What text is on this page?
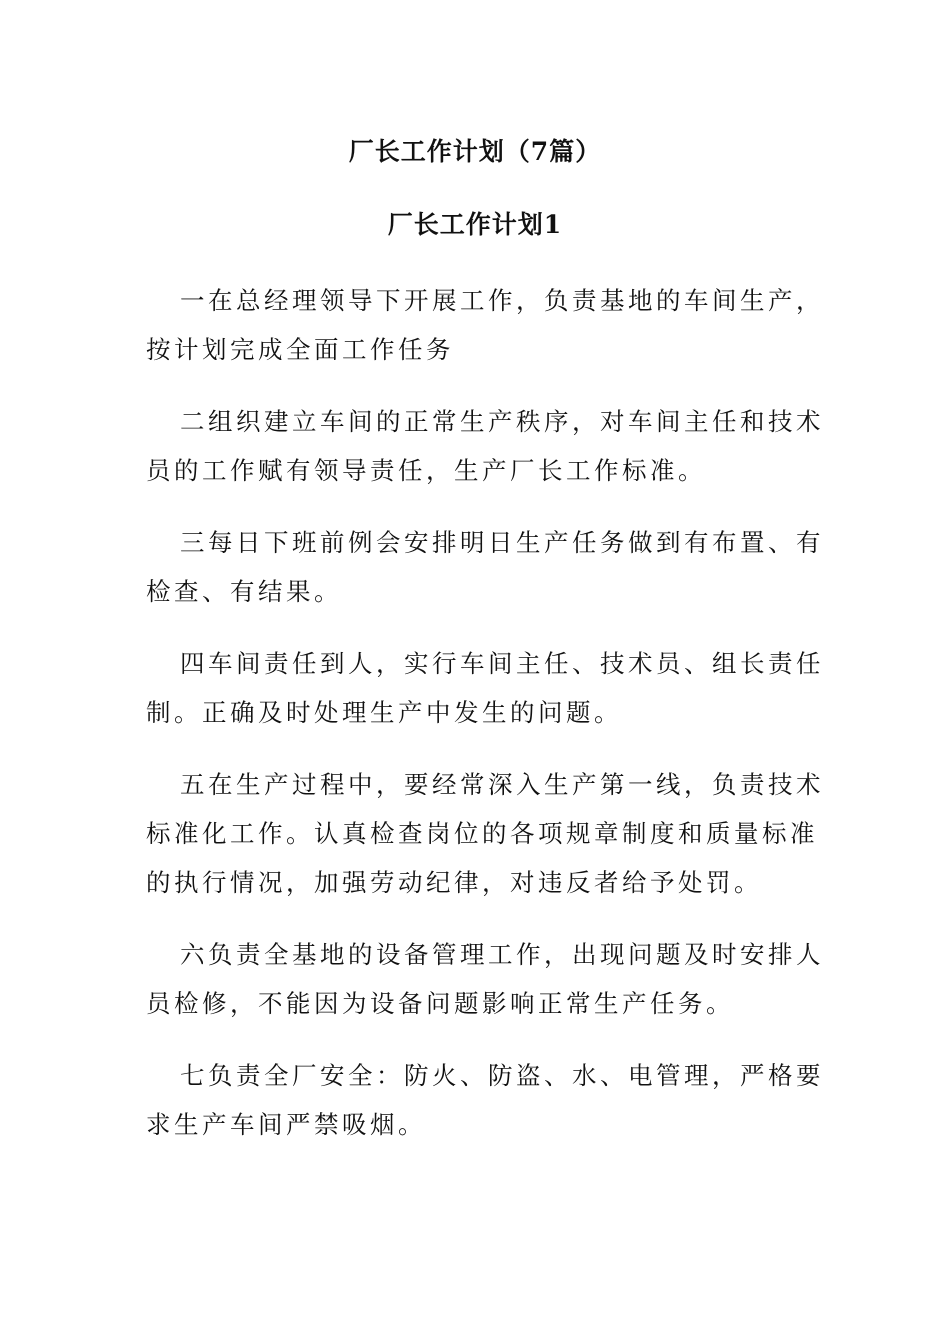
厂长工作计划（7篇）
厂长工作计划1

一在总经理领导下开展工作，负责基地的车间生产，按计划完成全面工作任务

二组织建立车间的正常生产秩序，对车间主任和技术员的工作赋有领导责任，生产厂长工作标准。

三每日下班前例会安排明日生产任务做到有布置、有检查、有结果。

四车间责任到人，实行车间主任、技术员、组长责任制。正确及时处理生产中发生的问题。

五在生产过程中，要经常深入生产第一线，负责技术标准化工作。认真检查岗位的各项规章制度和质量标准的执行情况，加强劳动纪律，对违反者给予处罚。

六负责全基地的设备管理工作，出现问题及时安排人员检修，不能因为设备问题影响正常生产任务。

七负责全厂安全：防火、防盗、水、电管理，严格要求生产车间严禁吸烟。
